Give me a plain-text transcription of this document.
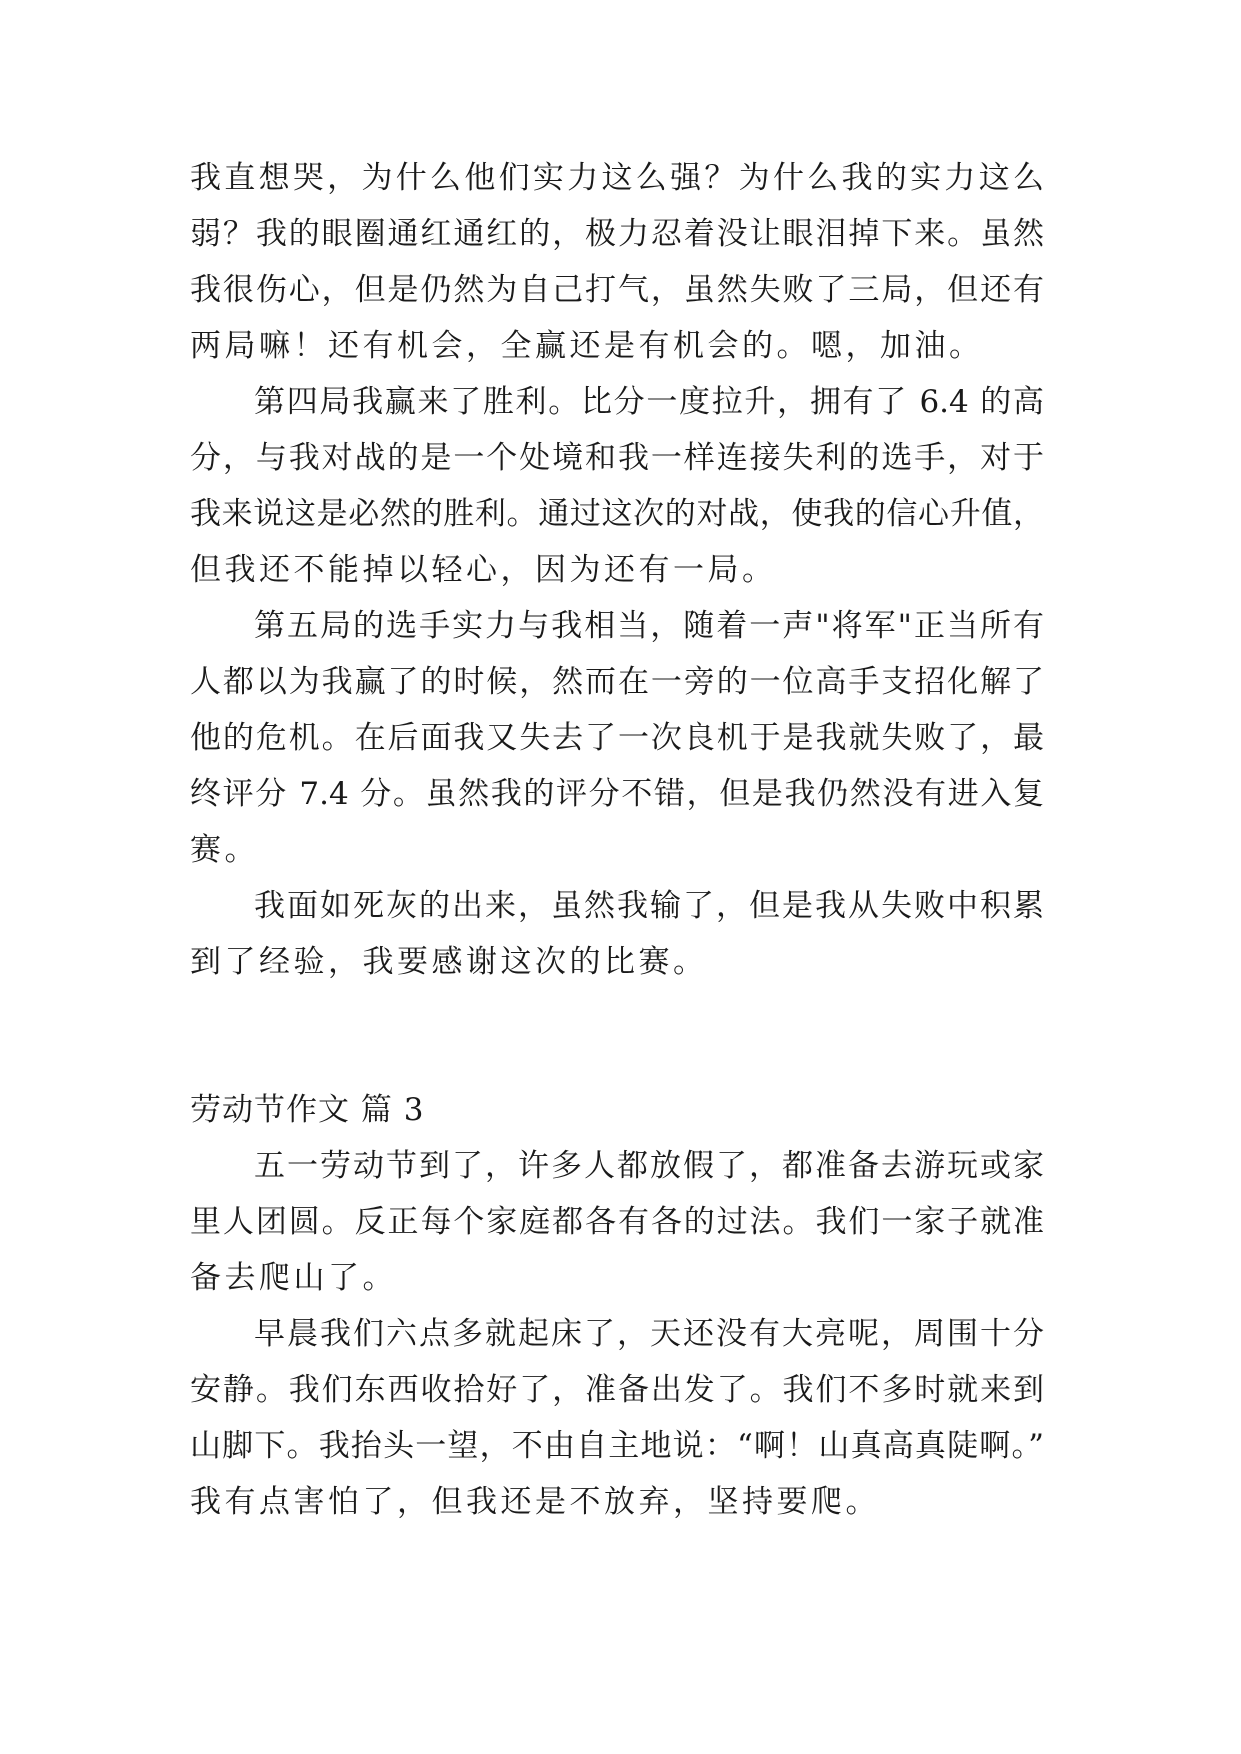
我直想哭，为什么他们实力这么强？为什么我的实力这么
弱？我的眼圈通红通红的，极力忍着没让眼泪掉下来。虽然
我很伤心，但是仍然为自己打气，虽然失败了三局，但还有
两局嘛！还有机会，全赢还是有机会的。嗯，加油。
第四局我赢来了胜利。比分一度拉升，拥有了 6.4 的高
分，与我对战的是一个处境和我一样连接失利的选手，对于
我来说这是必然的胜利。通过这次的对战，使我的信心升值，
但我还不能掉以轻心，因为还有一局。
第五局的选手实力与我相当，随着一声"将军"正当所有
人都以为我赢了的时候，然而在一旁的一位高手支招化解了
他的危机。在后面我又失去了一次良机于是我就失败了，最
终评分 7.4 分。虽然我的评分不错，但是我仍然没有进入复
赛。
我面如死灰的出来，虽然我输了，但是我从失败中积累
到了经验，我要感谢这次的比赛。
劳动节作文 篇 3
五一劳动节到了，许多人都放假了，都准备去游玩或家
里人团圆。反正每个家庭都各有各的过法。我们一家子就准
备去爬山了。
早晨我们六点多就起床了，天还没有大亮呢，周围十分
安静。我们东西收拾好了，准备出发了。我们不多时就来到
山脚下。我抬头一望，不由自主地说：“啊！山真高真陡啊。”
我有点害怕了，但我还是不放弃，坚持要爬。
